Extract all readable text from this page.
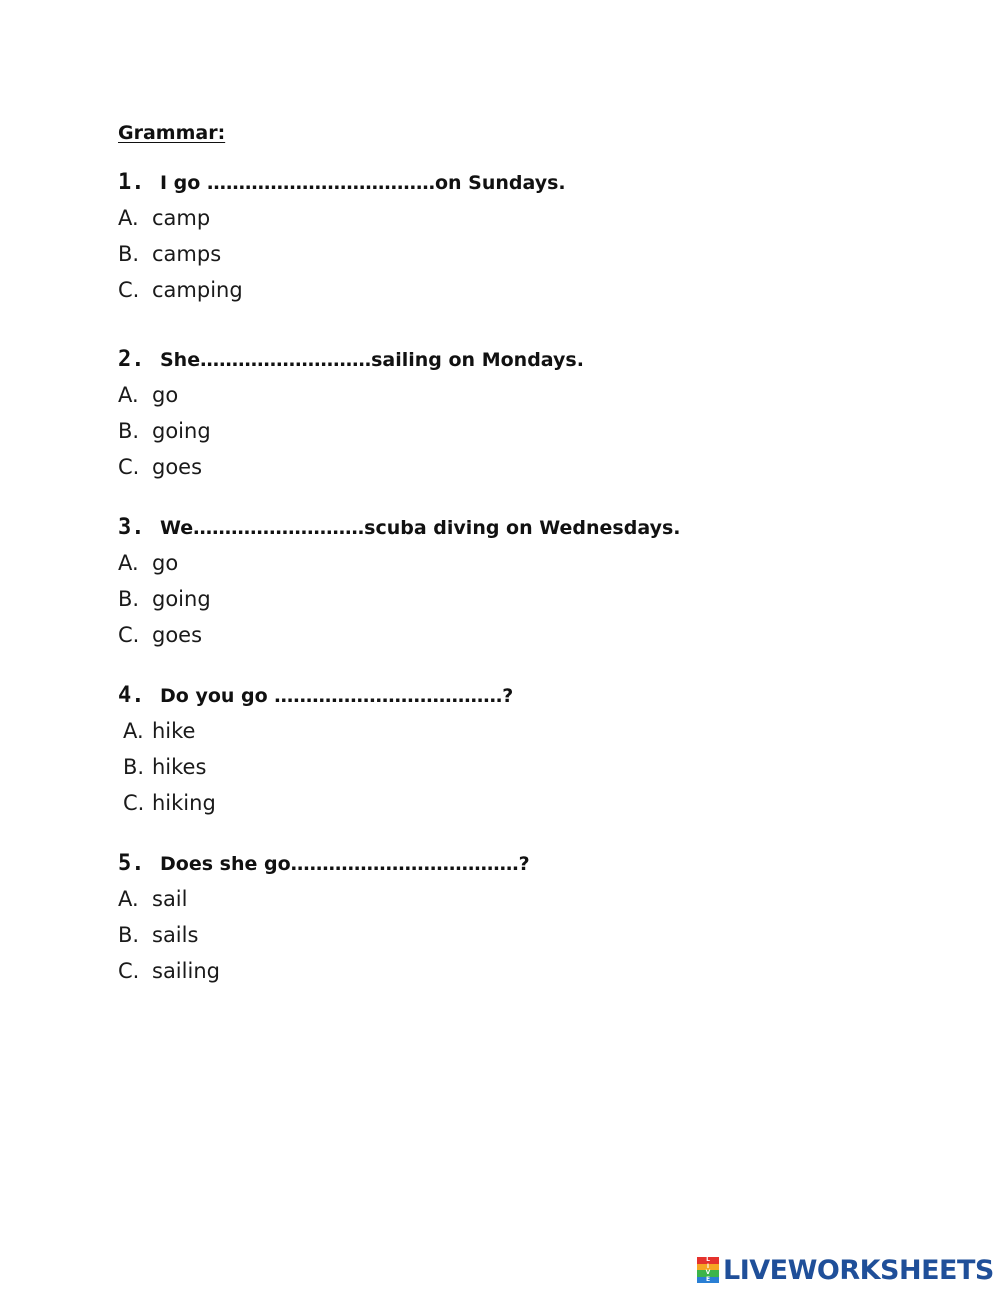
Grammar:
1. I go ………………………………on Sundays.
A. camp
B. camps
C. camping
2. She………………………sailing on Mondays.
A. go
B. going
C. goes
3. We………………………scuba diving on Wednesdays.
A. go
B. going
C. goes
4. Do you go ………………………………?
A. hike
B. hikes
C. hiking
5. Does she go………………………………?
A. sail
B. sails
C. sailing
L
I
V
E LIVEWORKSHEETS
